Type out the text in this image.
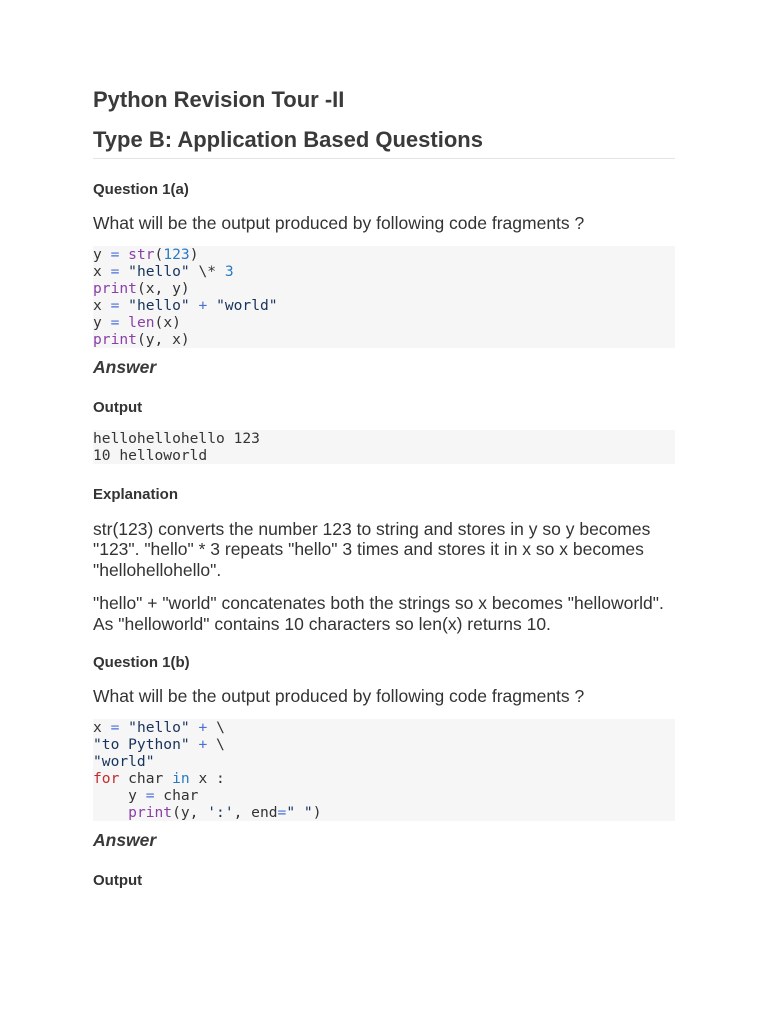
Python Revision Tour -II
Type B: Application Based Questions
Question 1(a)
What will be the output produced by following code fragments ?
y = str(123)
x = "hello" \* 3
print(x, y)
x = "hello" + "world"
y = len(x)
print(y, x)
Answer
Output
hellohellohello 123
10 helloworld
Explanation
str(123) converts the number 123 to string and stores in y so y becomes "123". "hello" * 3 repeats "hello" 3 times and stores it in x so x becomes "hellohellohello".
"hello" + "world" concatenates both the strings so x becomes "helloworld". As "helloworld" contains 10 characters so len(x) returns 10.
Question 1(b)
What will be the output produced by following code fragments ?
x = "hello" + \
"to Python" + \
"world"
for char in x :
y = char
print(y, ':', end=" ")
Answer
Output
